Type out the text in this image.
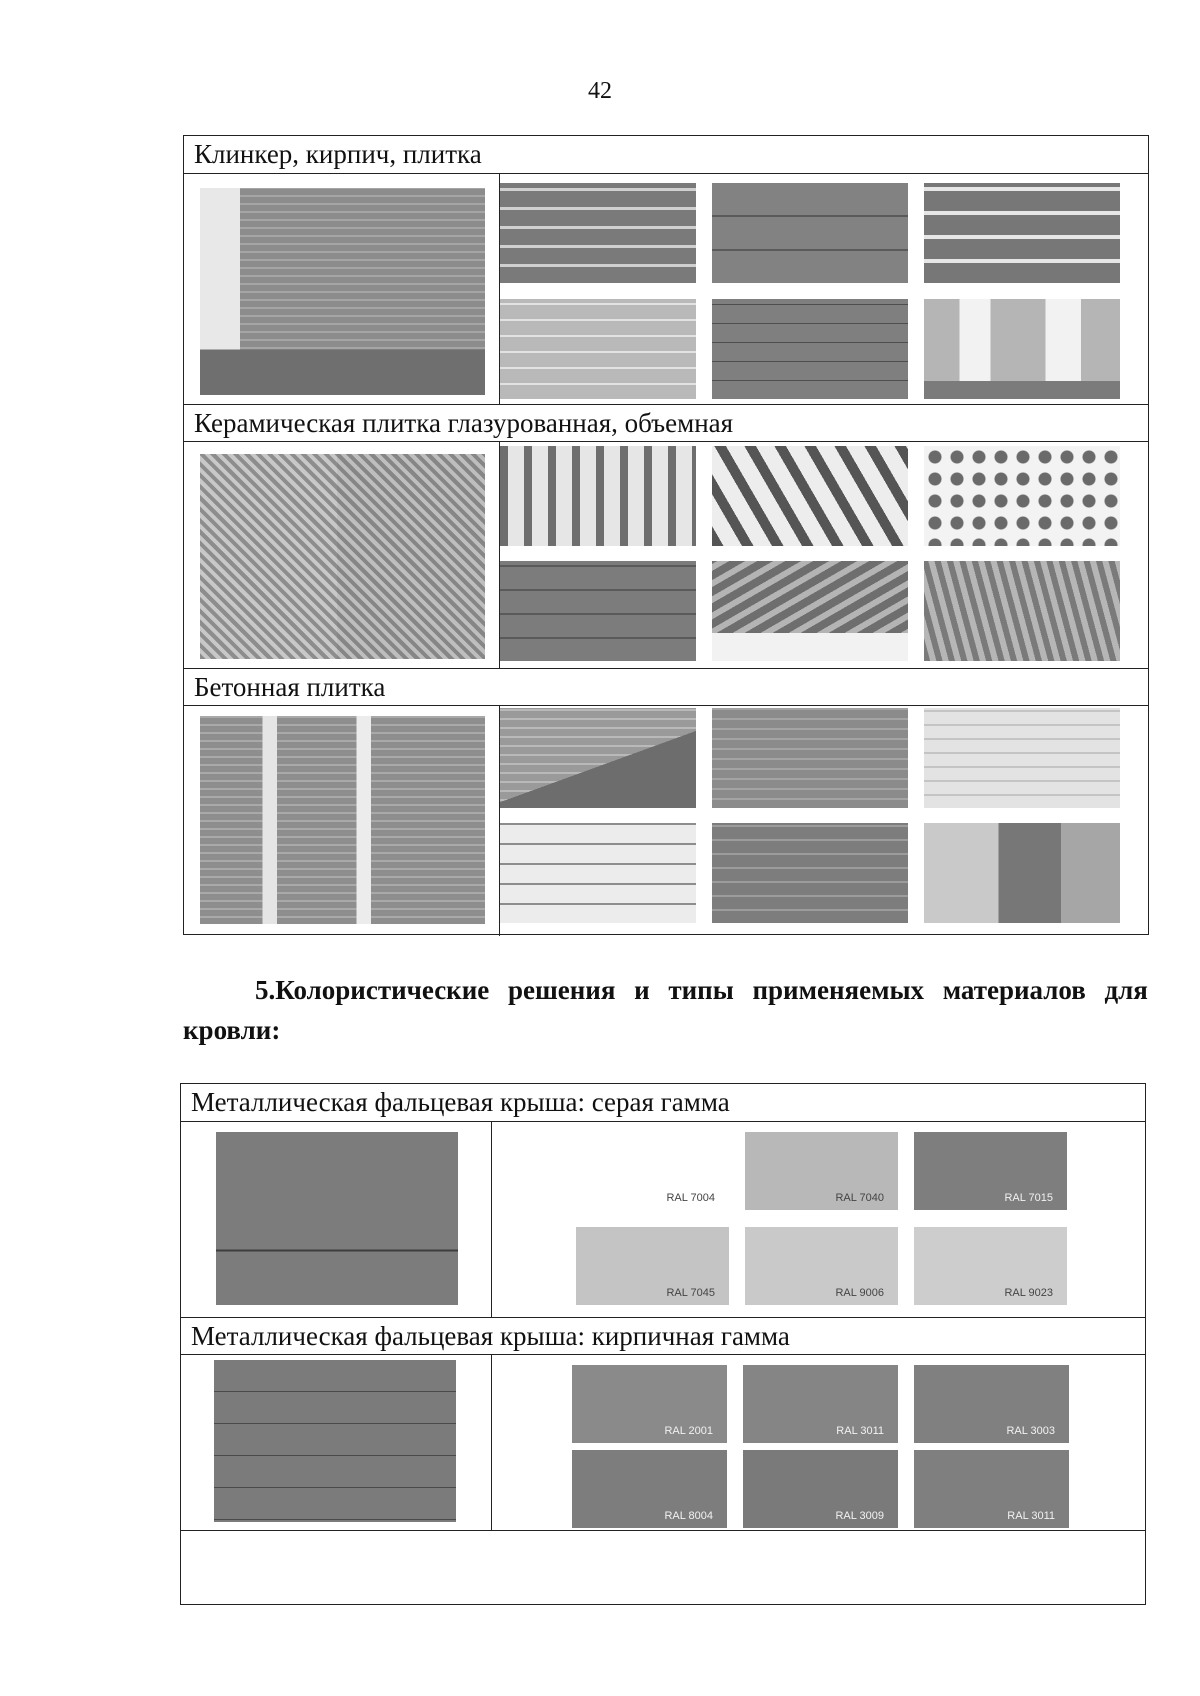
42
Клинкер, кирпич, плитка
Керамическая плитка глазурованная, объемная
Бетонная плитка
5.Колористические решения и типы применяемых материалов для
кровли:
Металлическая фальцевая крыша: серая гамма
Металлическая фальцевая крыша: кирпичная гамма
RAL 7004	RAL 7040	RAL 7015
RAL 7045	RAL 9006	RAL 9023
RAL 2001	RAL 3011	RAL 3003
RAL 8004	RAL 3009	RAL 3011
